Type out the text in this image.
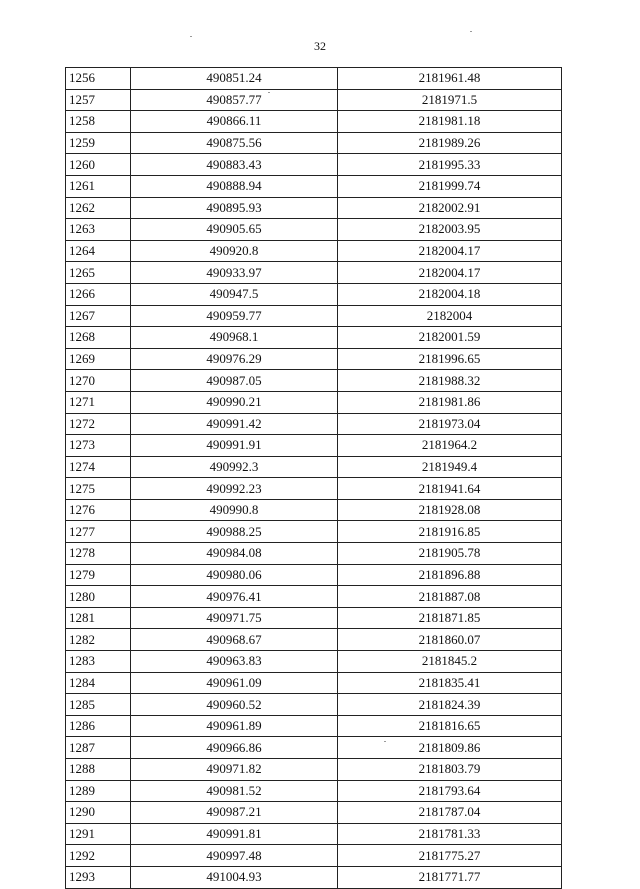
32
1256	490851.24	2181961.48
1257	490857.77	2181971.5
1258	490866.11	2181981.18
1259	490875.56	2181989.26
1260	490883.43	2181995.33
1261	490888.94	2181999.74
1262	490895.93	2182002.91
1263	490905.65	2182003.95
1264	490920.8	2182004.17
1265	490933.97	2182004.17
1266	490947.5	2182004.18
1267	490959.77	2182004
1268	490968.1	2182001.59
1269	490976.29	2181996.65
1270	490987.05	2181988.32
1271	490990.21	2181981.86
1272	490991.42	2181973.04
1273	490991.91	2181964.2
1274	490992.3	2181949.4
1275	490992.23	2181941.64
1276	490990.8	2181928.08
1277	490988.25	2181916.85
1278	490984.08	2181905.78
1279	490980.06	2181896.88
1280	490976.41	2181887.08
1281	490971.75	2181871.85
1282	490968.67	2181860.07
1283	490963.83	2181845.2
1284	490961.09	2181835.41
1285	490960.52	2181824.39
1286	490961.89	2181816.65
1287	490966.86	2181809.86
1288	490971.82	2181803.79
1289	490981.52	2181793.64
1290	490987.21	2181787.04
1291	490991.81	2181781.33
1292	490997.48	2181775.27
1293	491004.93	2181771.77
